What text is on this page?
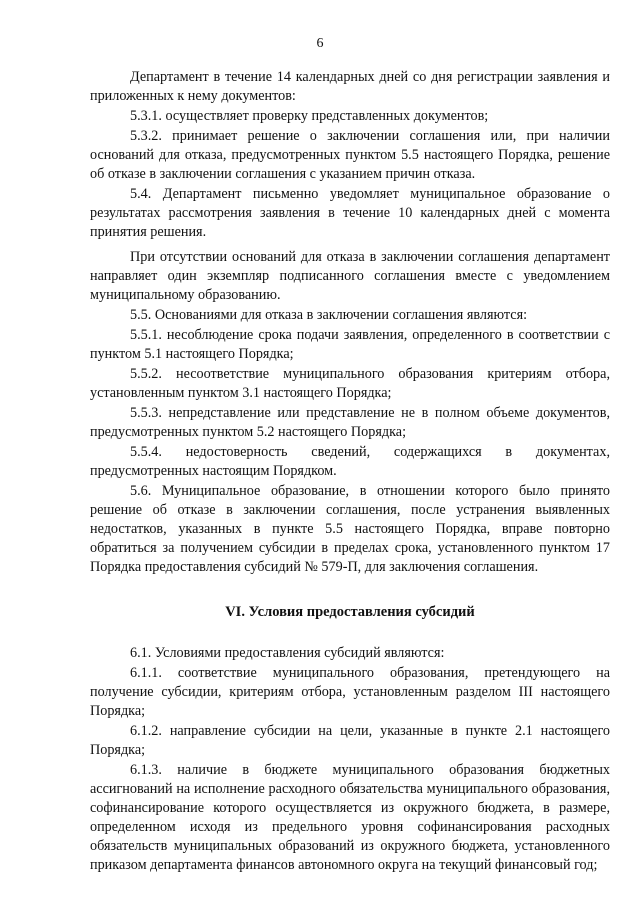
6

Департамент в течение 14 календарных дней со дня регистрации заявления и приложенных к нему документов:

5.3.1. осуществляет проверку представленных документов;

5.3.2. принимает решение о заключении соглашения или, при наличии оснований для отказа, предусмотренных пунктом 5.5 настоящего Порядка, решение об отказе в заключении соглашения с указанием причин отказа.

5.4. Департамент письменно уведомляет муниципальное образование о результатах рассмотрения заявления в течение 10 календарных дней с момента принятия решения.

При отсутствии оснований для отказа в заключении соглашения департамент направляет один экземпляр подписанного соглашения вместе с уведомлением муниципальному образованию.

5.5. Основаниями для отказа в заключении соглашения являются:

5.5.1. несоблюдение срока подачи заявления, определенного в соответствии с пунктом 5.1 настоящего Порядка;

5.5.2. несоответствие муниципального образования критериям отбора, установленным пунктом 3.1 настоящего Порядка;

5.5.3. непредставление или представление не в полном объеме документов, предусмотренных пунктом 5.2 настоящего Порядка;

5.5.4. недостоверность сведений, содержащихся в документах, предусмотренных настоящим Порядком.

5.6. Муниципальное образование, в отношении которого было принято решение об отказе в заключении соглашения, после устранения выявленных недостатков, указанных в пункте 5.5 настоящего Порядка, вправе повторно обратиться за получением субсидии в пределах срока, установленного пунктом 17 Порядка предоставления субсидий № 579-П, для заключения соглашения.

VI. Условия предоставления субсидий

6.1. Условиями предоставления субсидий являются:

6.1.1. соответствие муниципального образования, претендующего на получение субсидии, критериям отбора, установленным разделом III настоящего Порядка;

6.1.2. направление субсидии на цели, указанные в пункте 2.1 настоящего Порядка;

6.1.3. наличие в бюджете муниципального образования бюджетных ассигнований на исполнение расходного обязательства муниципального образования, софинансирование которого осуществляется из окружного бюджета, в размере, определенном исходя из предельного уровня софинансирования расходных обязательств муниципальных образований из окружного бюджета, установленного приказом департамента финансов автономного округа на текущий финансовый год;
